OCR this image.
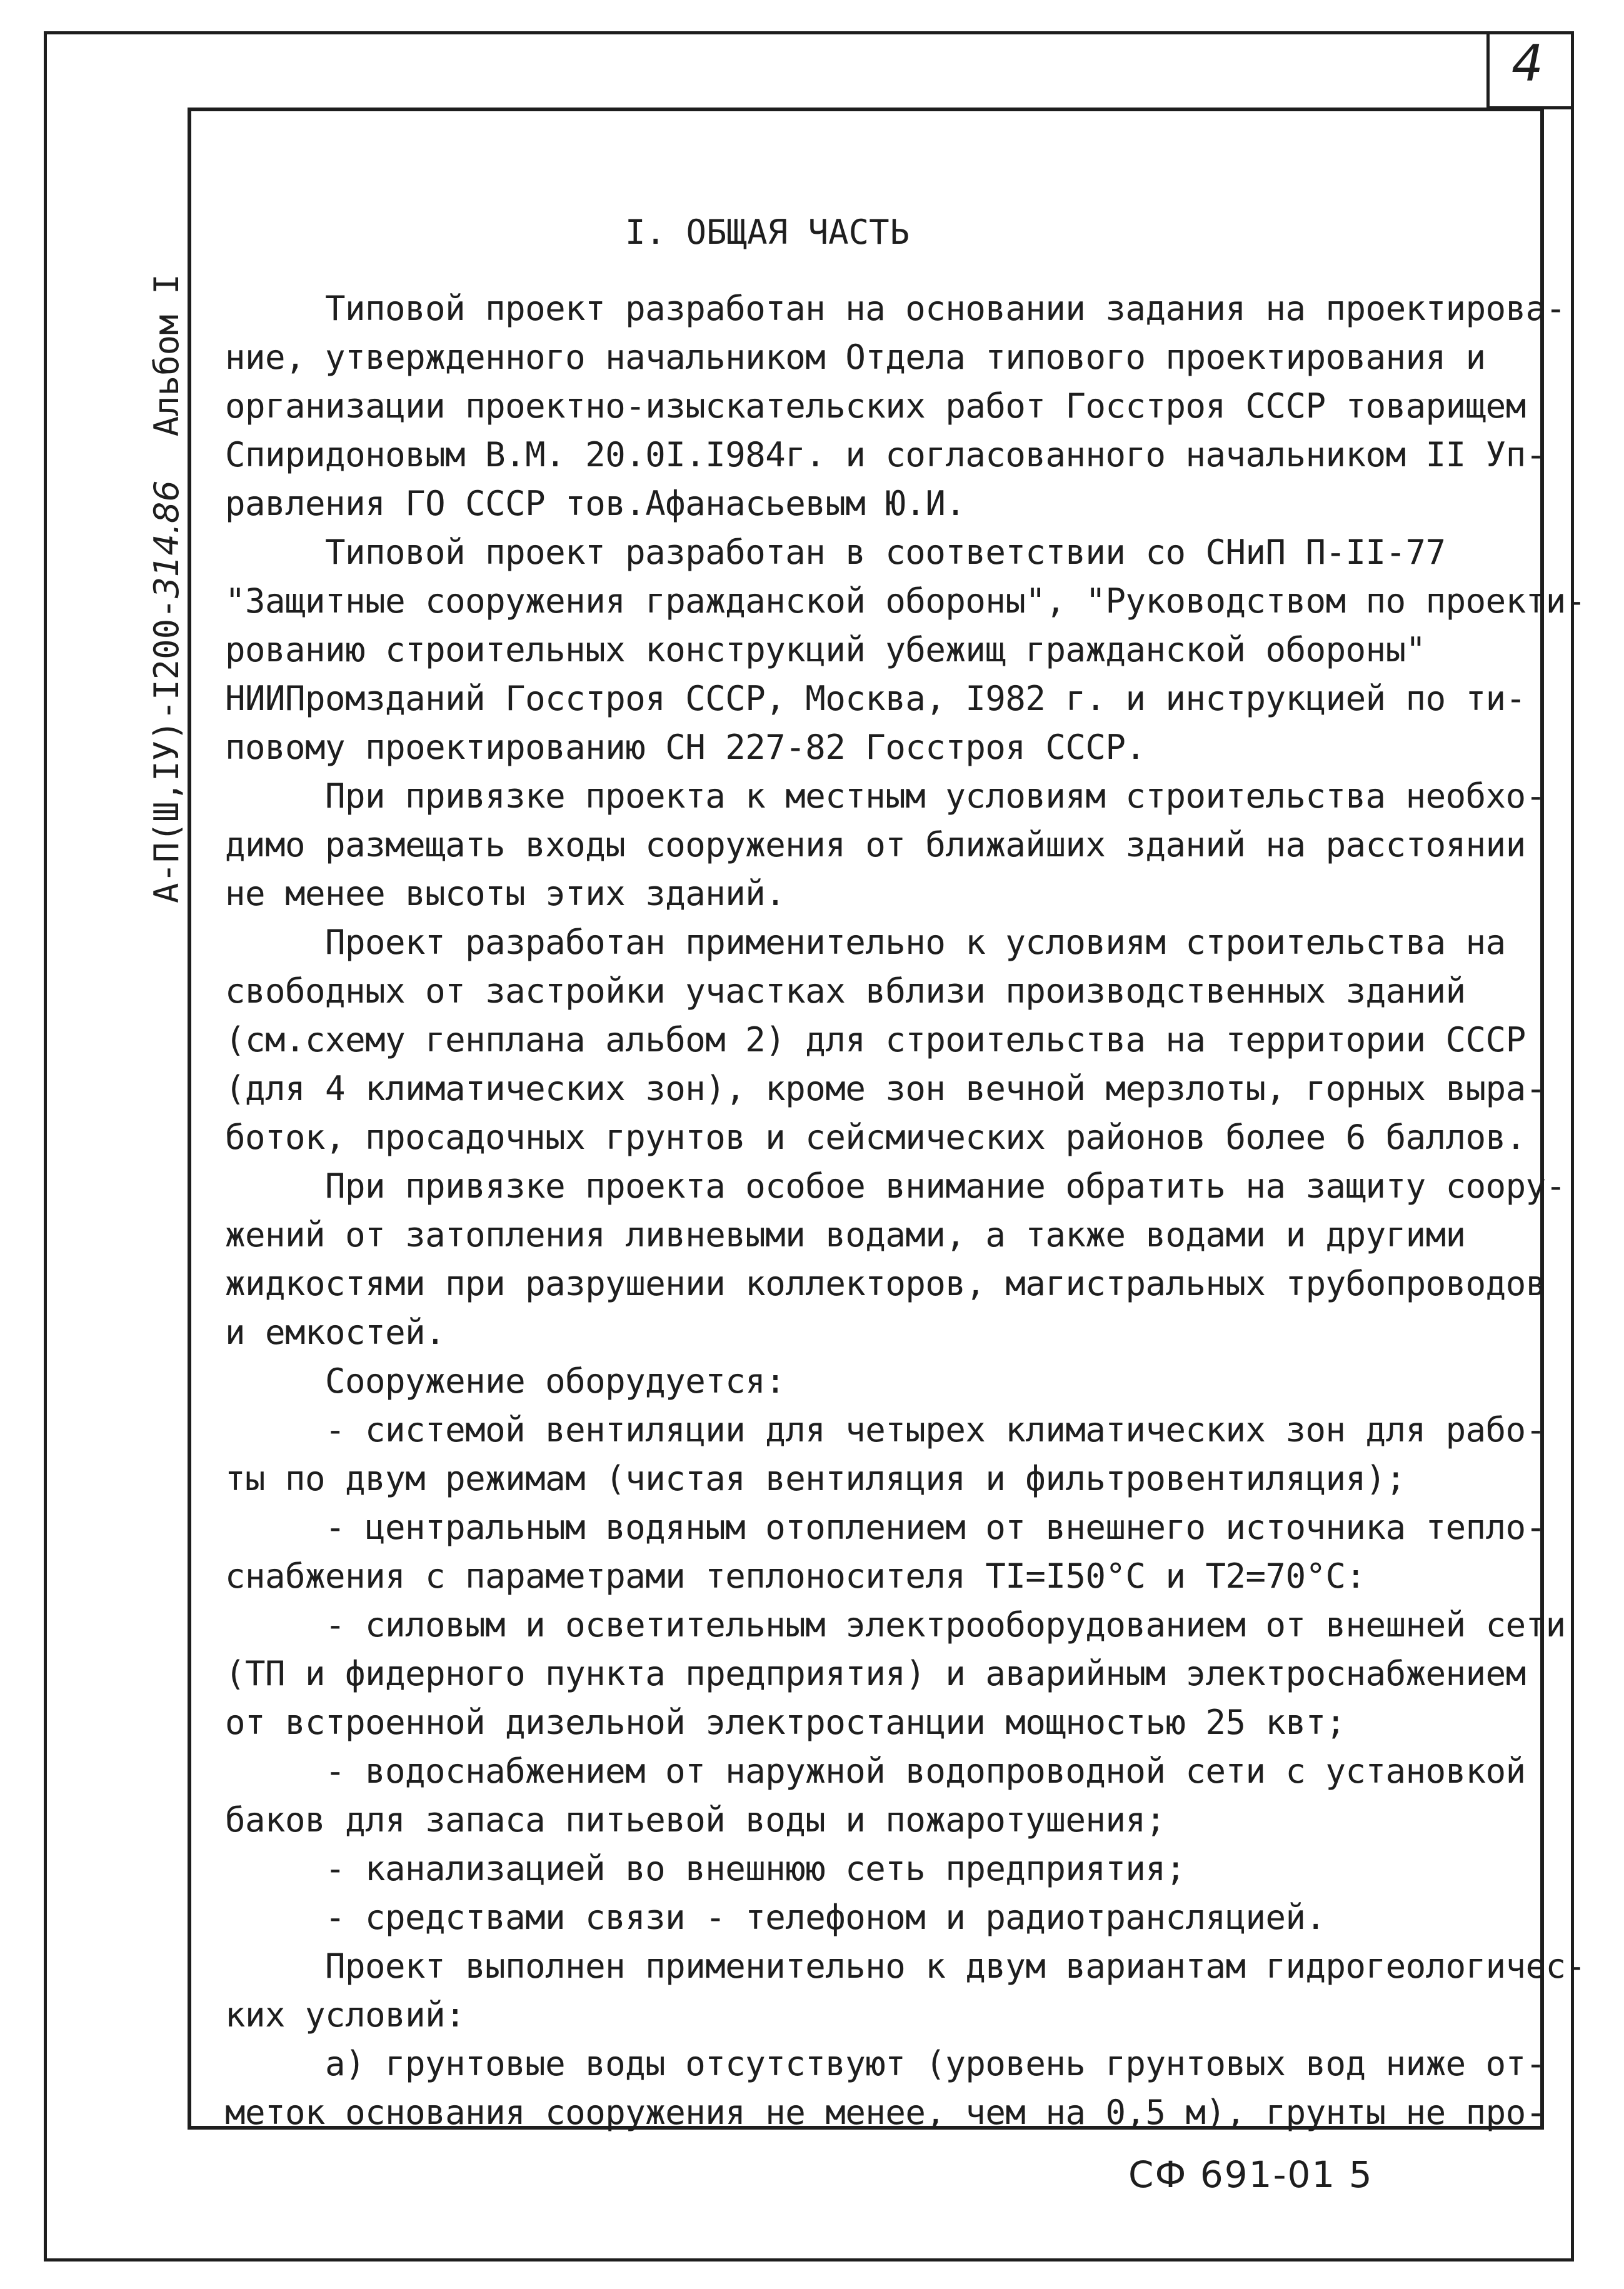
4
А-П(Ш,IУ)-I200-314.86Альбом I
I. ОБЩАЯ ЧАСТЬ
Типовой проект разработан на основании задания на проектирова-
ние, утвержденного начальником Отдела типового проектирования и
организации проектно-изыскательских работ Госстроя СССР товарищем
Спиридоновым В.М. 20.0I.I984г. и согласованного начальником II Уп-
равления ГО СССР тов.Афанасьевым Ю.И.
Типовой проект разработан в соответствии со СНиП П-II-77
"Защитные сооружения гражданской обороны", "Руководством по проекти-
рованию строительных конструкций убежищ гражданской обороны"
НИИПромзданий Госстроя СССР, Москва, I982 г. и инструкцией по ти-
повому проектированию СН 227-82 Госстроя СССР.
При привязке проекта к местным условиям строительства необхо-
димо размещать входы сооружения от ближайших зданий на расстоянии
не менее высоты этих зданий.
Проект разработан применительно к условиям строительства на
свободных от застройки участках вблизи производственных зданий
(см.схему генплана альбом 2) для строительства на территории СССР
(для 4 климатических зон), кроме зон вечной мерзлоты, горных выра-
боток, просадочных грунтов и сейсмических районов более 6 баллов.
При привязке проекта особое внимание обратить на защиту соору-
жений от затопления ливневыми водами, а также водами и другими
жидкостями при разрушении коллекторов, магистральных трубопроводов
и емкостей.
Сооружение оборудуется:
- системой вентиляции для четырех климатических зон для рабо-
ты по двум режимам (чистая вентиляция и фильтровентиляция);
- центральным водяным отоплением от внешнего источника тепло-
снабжения с параметрами теплоносителя TI=I50°C и T2=70°C:
- силовым и осветительным электрооборудованием от внешней сети
(ТП и фидерного пункта предприятия) и аварийным электроснабжением
от встроенной дизельной электростанции мощностью 25 квт;
- водоснабжением от наружной водопроводной сети с установкой
баков для запаса питьевой воды и пожаротушения;
- канализацией во внешнюю сеть предприятия;
- средствами связи - телефоном и радиотрансляцией.
Проект выполнен применительно к двум вариантам гидрогеологичес-
ких условий:
а) грунтовые воды отсутствуют (уровень грунтовых вод ниже от-
меток основания сооружения не менее, чем на 0,5 м), грунты не про-
СФ 691-01 5
